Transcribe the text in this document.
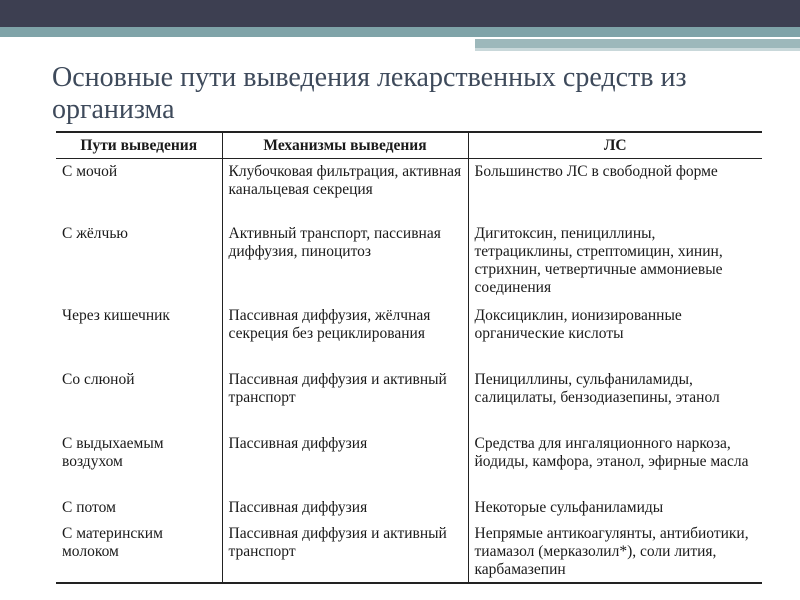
Основные пути выведения лекарственных средств из организма
Пути выведения	Механизмы выведения	ЛС
С мочой	Клубочковая фильтрация, активная канальцевая секреция	Большинство ЛС в свободной форме
С жёлчью	Активный транспорт, пассивная диффузия, пиноцитоз	Дигитоксин, пенициллины, тетрациклины, стрептомицин, хинин, стрихнин, четвертичные аммониевые соединения
Через кишечник	Пассивная диффузия, жёлчная секреция без рециклирования	Доксициклин, ионизированные органические кислоты
Со слюной	Пассивная диффузия и активный транспорт	Пенициллины, сульфаниламиды, салицилаты, бензодиазепины, этанол
С выдыхаемым воздухом	Пассивная диффузия	Средства для ингаляционного наркоза, йодиды, камфора, этанол, эфирные масла
С потом	Пассивная диффузия	Некоторые сульфаниламиды
С материнским молоком	Пассивная диффузия и активный транспорт	Непрямые антикоагулянты, антибиотики, тиамазол (мерказолил*), соли лития, карбамазепин
